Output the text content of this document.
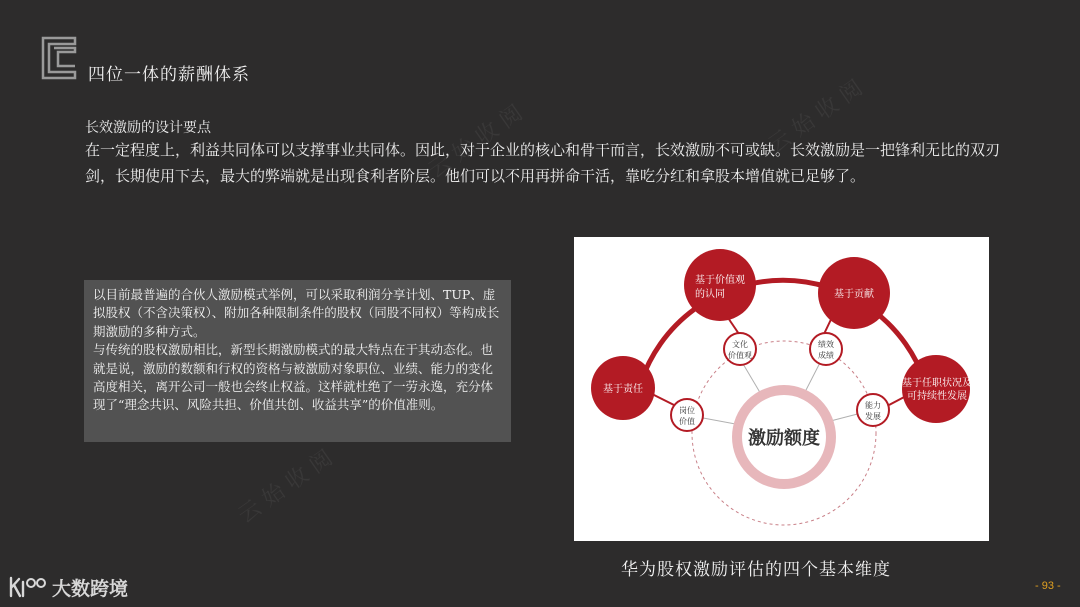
四位一体的薪酬体系
长效激励的设计要点
在一定程度上，利益共同体可以支撑事业共同体。因此，对于企业的核心和骨干而言，长效激励不可或缺。长效激励是一把锋利无比的双刃剑，长期使用下去，最大的弊端就是出现食利者阶层。他们可以不用再拼命干活，靠吃分红和拿股本增值就已足够了。
云 始 收 阅	云 始 收 阅
云 始 收 阅

以目前最普遍的合伙人激励模式举例，可以采取利润分享计划、TUP、虚拟股权（不含决策权）、附加各种限制条件的股权（同股不同权）等构成长期激励的多种方式。

与传统的股权激励相比，新型长期激励模式的最大特点在于其动态化。也就是说，激励的数额和行权的资格与被激励对象职位、业绩、能力的变化高度相关，离开公司一般也会终止权益。这样就杜绝了一劳永逸，充分体现了“理念共识、风险共担、价值共创、收益共享”的价值准则。

激励额度
基于责任
基于价值观
的认同	基于贡献
基于任职状况及
可持续性发展
岗位
价值
文化
价值观
绩效
成绩
能力
发展
华为股权激励评估的四个基本维度
大数跨境	- 93 -
